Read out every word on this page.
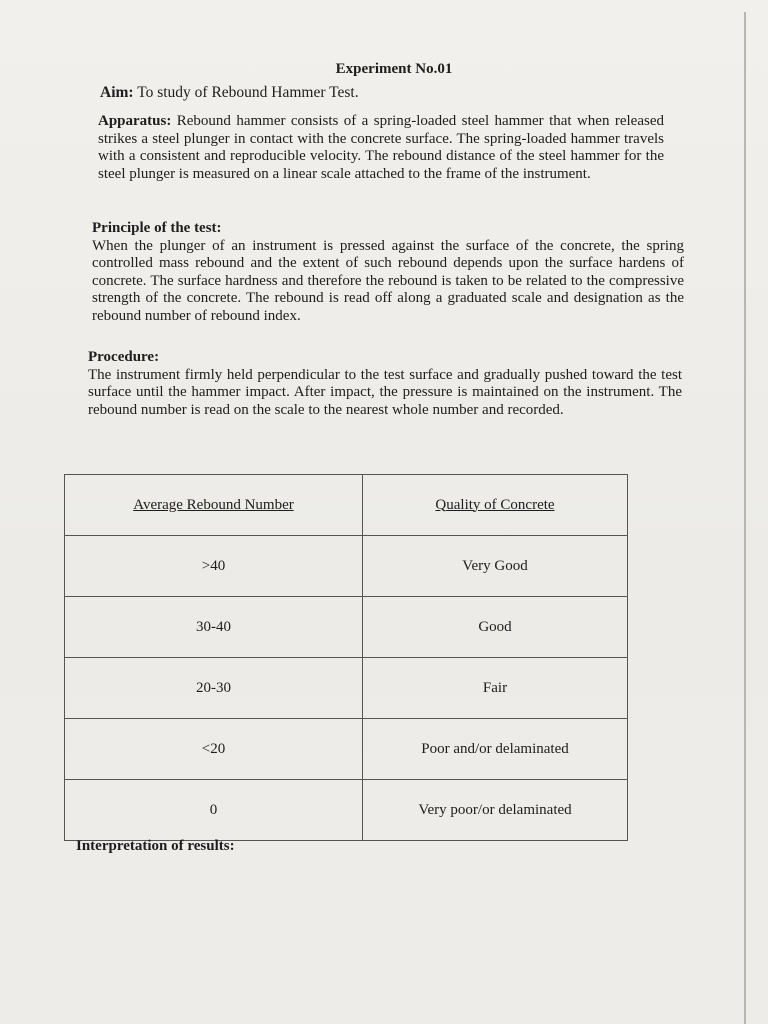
Experiment No.01
Aim: To study of Rebound Hammer Test.
Apparatus: Rebound hammer consists of a spring-loaded steel hammer that when released strikes a steel plunger in contact with the concrete surface. The spring-loaded hammer travels with a consistent and reproducible velocity. The rebound distance of the steel hammer for the steel plunger is measured on a linear scale attached to the frame of the instrument.
Principle of the test:
When the plunger of an instrument is pressed against the surface of the concrete, the spring controlled mass rebound and the extent of such rebound depends upon the surface hardens of concrete. The surface hardness and therefore the rebound is taken to be related to the compressive strength of the concrete. The rebound is read off along a graduated scale and designation as the rebound number of rebound index.
Procedure:
The instrument firmly held perpendicular to the test surface and gradually pushed toward the test surface until the hammer impact. After impact, the pressure is maintained on the instrument. The rebound number is read on the scale to the nearest whole number and recorded.
Average Rebound Number	Quality of Concrete
>40	Very Good
30-40	Good
20-30	Fair
<20	Poor and/or delaminated
0	Very poor/or delaminated
Interpretation of results:
